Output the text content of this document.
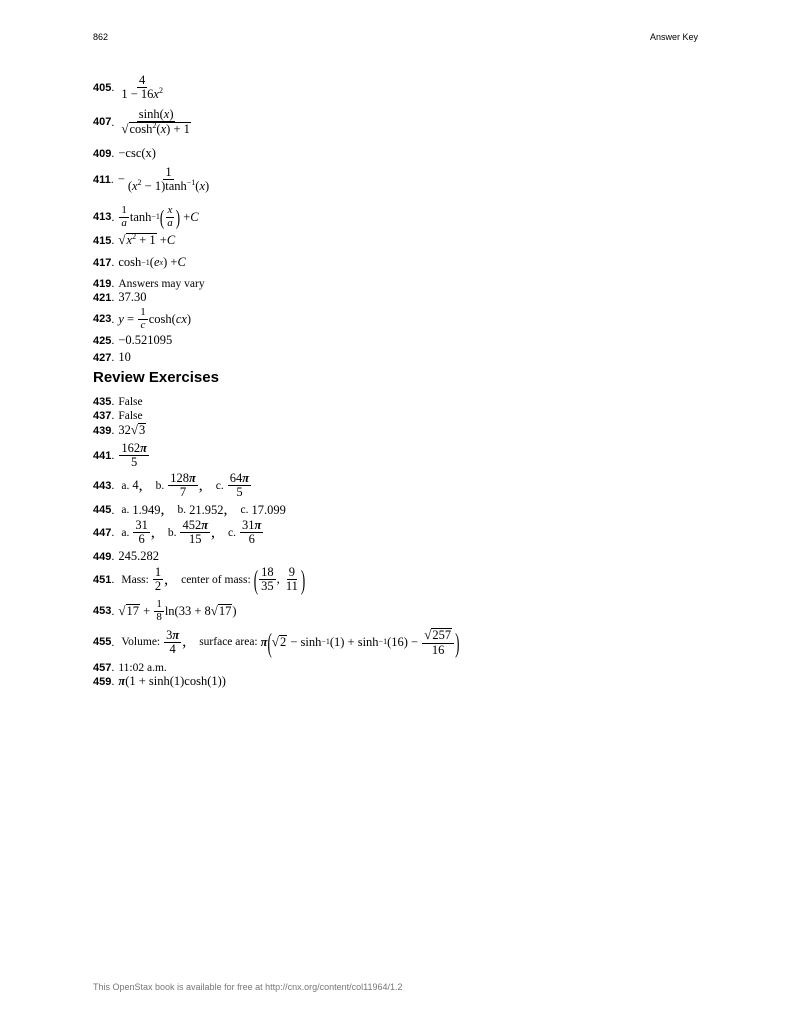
862	Answer Key
405 . $\frac{4}{1 - 16x^2}$
407 . $\frac{\sinh(x)}{√ \cosh^2(x) + 1}$
409 . −csc(x)
411 . − $\frac{1}{(x^2 - 1)\tanh^{-1}(x)}$
413 . $\frac{1}{a}$ tanh −1 ( $\frac{x}{a}$ ) + C
415 . √ $x^2 + 1 + C$
417 . cosh −1 ( e x ) + C
419 . Answers may vary
421 . 37.30
423 . $y = \frac{1}{c} \cosh$( cx )
425 . −0.521095
427 . 10
Review Exercises
435 . False
437 . False
439 . 32 √ 3
441 . $\frac{162\pi}{5}$
443 . a. 4 , b. $\frac{128\pi}{7}$ , c. $\frac{64\pi}{5}$
445 . a. 1.949 , b. 21.952 , c. 17.099
447 . a. $\frac{31}{6}$ , b. $\frac{452\pi}{15}$ , c. $\frac{31\pi}{6}$
449 . 245.282
451 . Mass: $\frac{1}{2}$ , center of mass: ( $\frac{18}{35}$ , $\frac{9}{11}$ )
453 . √ $17 + \frac{1}{8} \ln(33 + 8$ √ 17 )
455 . Volume: $\frac{3\pi}{4}$ , surface area: π ( √ 2 − sinh −1 (1) + sinh −1 $(16) - \frac{√ 257}{16}$ )
457 . 11:02 a.m.
459 . π (1 + sinh(1)cosh(1))
This OpenStax book is available for free at http://cnx.org/content/col11964/1.2
